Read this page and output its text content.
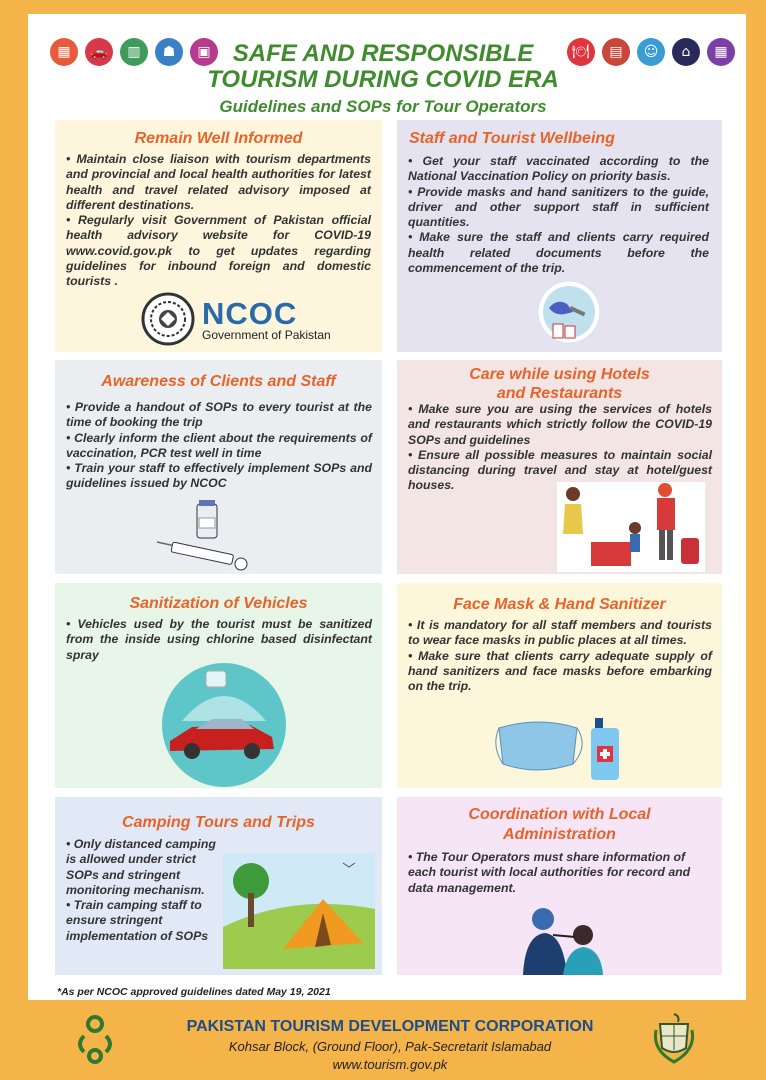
▦	🚗	▥	☗	▣	🍽	▤	☺	⌂	▦
SAFE AND RESPONSIBLE
TOURISM DURING COVID ERA
Guidelines and SOPs for Tour Operators
Remain Well Informed

• Maintain close liaison with tourism departments and provincial and local health authorities for latest health and travel related advisory imposed at different destinations.

• Regularly visit Government of Pakistan official health advisory website for COVID-19 www.covid.gov.pk to get updates regarding guidelines for inbound foreign and domestic tourists .

NCOC
Government of Pakistan
Staff and Tourist Wellbeing

• Get your staff vaccinated according to the National Vaccination Policy on priority basis.

• Provide masks and hand sanitizers to the guide, driver and other support staff in sufficient quantities.

• Make sure the staff and clients carry required health related documents before the commencement of the trip.

Awareness of Clients and Staff

• Provide a handout of SOPs to every tourist at the time of booking the trip

• Clearly inform the client about the requirements of vaccination, PCR test well in time

• Train your staff to effectively implement SOPs and guidelines issued by NCOC

Care while using Hotels
and Restaurants

• Make sure you are using the services of hotels and restaurants which strictly follow the COVID-19 SOPs and guidelines

• Ensure all possible measures to maintain social distancing during travel and stay at hotel/guest houses.

Sanitization of Vehicles

• Vehicles used by the tourist must be sanitized from the inside using chlorine based disinfectant spray

Face Mask & Hand Sanitizer

• It is mandatory for all staff members and tourists to wear face masks in public places at all times.

• Make sure that clients carry adequate supply of hand sanitizers and face masks before embarking on the trip.

Camping Tours and Trips

• Only distanced camping is allowed under strict SOPs and stringent monitoring mechanism.

• Train camping staff to ensure stringent implementation of SOPs

Coordination with Local
Administration

• The Tour Operators must share information of each tourist with local authorities for record and data management.

*As per NCOC approved guidelines dated May 19, 2021
PAKISTAN TOURISM DEVELOPMENT CORPORATION
Kohsar Block, (Ground Floor), Pak-Secretarit Islamabad
www.tourism.gov.pk
